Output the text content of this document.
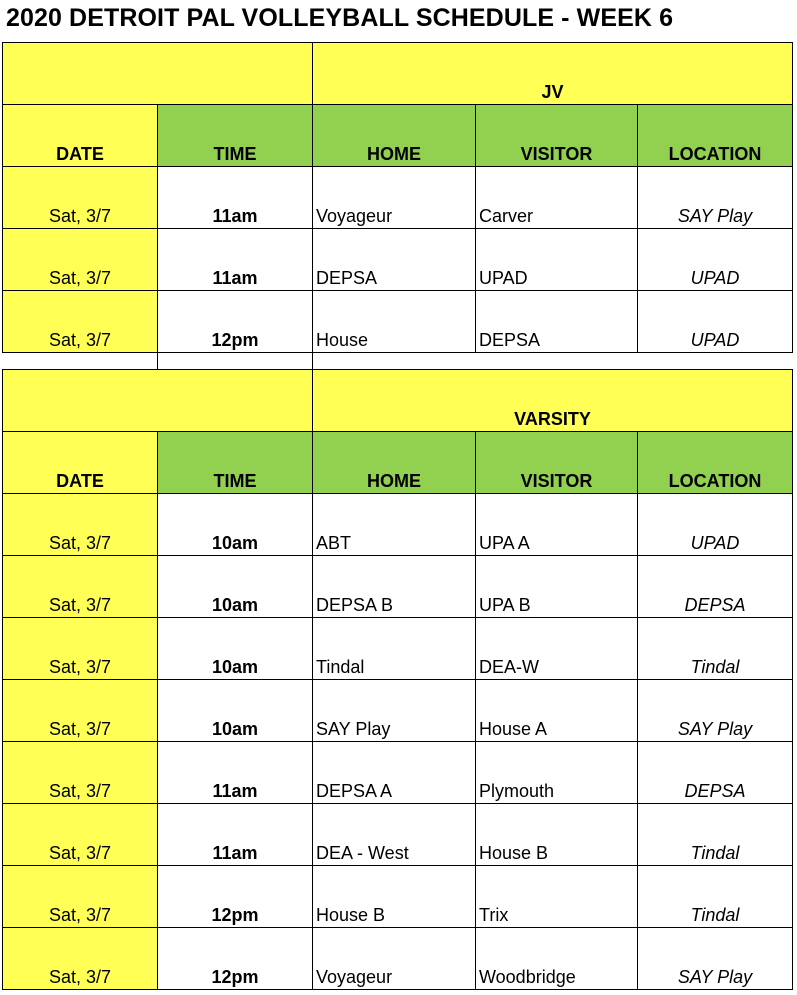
2020 DETROIT PAL VOLLEYBALL SCHEDULE - WEEK 6
		JV		
DATE	TIME	HOME	VISITOR	LOCATION
Sat, 3/7	11am	Voyageur	Carver	SAY Play
Sat, 3/7	11am	DEPSA	UPAD	UPAD
Sat, 3/7	12pm	House	DEPSA	UPAD

		VARSITY		
DATE	TIME	HOME	VISITOR	LOCATION
Sat, 3/7	10am	ABT	UPA A	UPAD
Sat, 3/7	10am	DEPSA B	UPA B	DEPSA
Sat, 3/7	10am	Tindal	DEA-W	Tindal
Sat, 3/7	10am	SAY Play	House A	SAY Play
Sat, 3/7	11am	DEPSA A	Plymouth	DEPSA
Sat, 3/7	11am	DEA - West	House B	Tindal
Sat, 3/7	12pm	House B	Trix	Tindal
Sat, 3/7	12pm	Voyageur	Woodbridge	SAY Play
